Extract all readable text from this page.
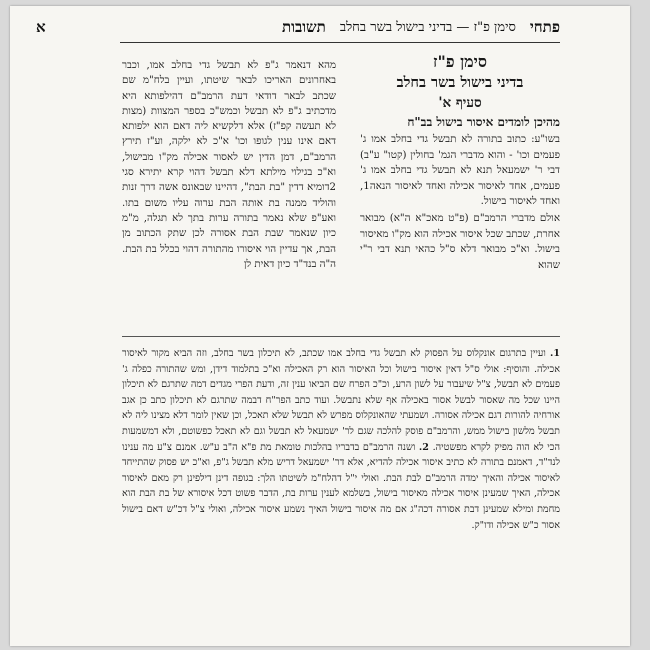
פתחי
סימן פ"ז — בדיני בישול בשר בחלב
תשובות
א
סימן פ"ז
בדיני בישול בשר בחלב
סעיף א'
מהיכן לומדים איסור בישול בב"ח
בשו"ע: כתוב בתורה לא תבשל גדי בחלב אמו ג' פעמים וכו' - והוא מדברי הגמ' בחולין (קטו" ע"ב) דבי ר' ישמעאל תנא לא תבשל גדי בחלב אמו ג' פעמים, אחד לאיסור אכילה ואחד לאיסור הנאה1, ואחד לאיסור בישול.
אולם מדברי הרמב"ם (פ"ט מאכ"א ה"א) מבואר אחרת, שכתב שכל איסור אכילה הוא מק"ו מאיסור בישול. וא"כ מבואר דלא ס"ל כהאי תנא דבי ר"י שהוא
מהא דנאמר ג"פ לא תבשל גדי בחלב אמו, וכבר באחרונים האריכו לבאר שיטתו, ועיין בלח"מ שם שכתב לבאר דודאי דעת הרמב"ם דהילפותא היא מדכתיב ג"פ לא תבשל וכמש"כ בספר המצוות (מצות לא תעשה קפ"ז) אלא דלקשיא ליה דאם הוא ילפותא דאם אינו ענין לגופו וכו' א"כ לא ילקה, וע"ז תירץ הרמב"ם, דמן הדין יש לאסור אכילה מק"ו מבישול, וא"כ בגילוי מילתא דלא תבשל דהוי קרא יתירא סגי 2דומיא דדין "בת הבת", דהיינו שבאונס אשה דרך זנות והוליד ממנה בת אותה הבת ערוה עליו משום בתו. ואע"פ שלא נאמר בתורה ערות בתך לא תגלה, מ"מ כיון שנאמר שבת הבת אסורה לכן שתק הכתוב מן הבת, אך עדיין הוי איסורו מהתורה דהוי בכלל בת הבת. ה"ה בנד"ד כיון דאית לן
1. ועיין בתרגום אונקלוס על הפסוק לא תבשל גדי בחלב אמו שכתב, לא תיכלון בשר בחלב, וזה הביא מקור לאיסור אכילה. והוסיף: אולי ס"ל דאין איסור בישול וכל האיסור הוא רק האכילה וא"כ בתלמוד דידן, ומש שהתורה כפלה ג' פעמים לא תבשל, צ"ל שיעבור על לשון הרע, וכ"כ הפרח שם הביאו ענין זה, ודעת הפרי מגדים דמה שתרגם לא תיכלון היינו שכל מה שאסור לבשל אסור באכילה אף שלא נתבשל. ועוד כתב הפר"ח דבמה שתרגם לא תיכלון כתב כן אגב אורחיה להורות דגם אכילה אסורה. ושמעתי שהאונקלוס מפרש לא תבשל שלא תאכל, וכן שאין לומר דלא מצינו ליה לא תבשל מלשון בישול ממש, והרמב"ם פוסק להלכה שגם לר' ישמעאל לא תבשל וגם לא תאכל כפשוטם, ולא דמשמעות הכי לא הוה מפיק לקרא מפשטיה. 2. ושנה הרמב"ם בדבריו בהלכות טומאת מת פ"א ה"ב ע"ש. אמנם צ"ע מה ענינו לנד"ד, דאמנם בתורה לא כתיב איסור אכילה להדיא, אלא דר' ישמעאל דריש מלא תבשל ג"פ, וא"כ יש פסוק שהתייחד לאיסור אכילה והאיך ימדה הרמב"ם לבת הבת. ואולי י"ל דהלח"מ לשיטתו הלך: בגופה דינן דילפינן רק מאם לאיסור אכילה, האיך שמעינן איסור אכילה מאיסור בישול, בשלמא לענין ערות בת, הדבר פשוט דכל איסורא של בת הבת הוא מחמת ומילא שמעינן דבת אסורה דכה"ג אם מה איסור בישול האיך נשמע איסור אכילה, ואולי צ"ל דכ"ש דאם בישול אסור כ"ש אכילה ודו"ק.
